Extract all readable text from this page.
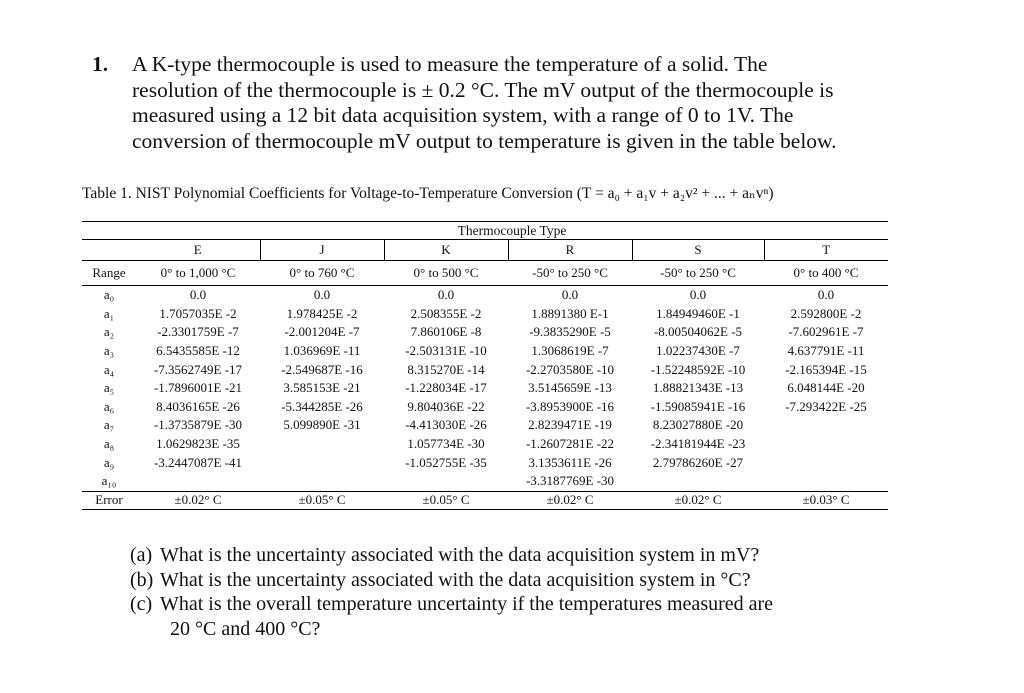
1. A K-type thermocouple is used to measure the temperature of a solid. The
resolution of the thermocouple is ± 0.2 °C. The mV output of the thermocouple is
measured using a 12 bit data acquisition system, with a range of 0 to 1V. The
conversion of thermocouple mV output to temperature is given in the table below.
Table 1. NIST Polynomial Coefficients for Voltage-to-Temperature Conversion (T = a₀ + a₁v + a₂v² + ... + aₙvⁿ)
	Thermocouple Type					
	E	J	K	R	S	T
Range	0° to 1,000 °C	0° to 760 °C	0° to 500 °C	-50° to 250 °C	-50° to 250 °C	0° to 400 °C
a₀	0.0	0.0	0.0	0.0	0.0	0.0
a₁	1.7057035E -2	1.978425E -2	2.508355E -2	1.8891380 E-1	1.84949460E -1	2.592800E -2
a₂	-2.3301759E -7	-2.001204E -7	7.860106E -8	-9.3835290E -5	-8.00504062E -5	-7.602961E -7
a₃	6.5435585E -12	1.036969E -11	-2.503131E -10	1.3068619E -7	1.02237430E -7	4.637791E -11
a₄	-7.3562749E -17	-2.549687E -16	8.315270E -14	-2.2703580E -10	-1.52248592E -10	-2.165394E -15
a₅	-1.7896001E -21	3.585153E -21	-1.228034E -17	3.5145659E -13	1.88821343E -13	6.048144E -20
a₆	8.4036165E -26	-5.344285E -26	9.804036E -22	-3.8953900E -16	-1.59085941E -16	-7.293422E -25
a₇	-1.3735879E -30	5.099890E -31	-4.413030E -26	2.8239471E -19	8.23027880E -20	
a₈	1.0629823E -35		1.057734E -30	-1.2607281E -22	-2.34181944E -23	
a₉	-3.2447087E -41		-1.052755E -35	3.1353611E -26	2.79786260E -27	
a₁₀				-3.3187769E -30		
Error	±0.02° C	±0.05° C	±0.05° C	±0.02° C	±0.02° C	±0.03° C
(a) What is the uncertainty associated with the data acquisition system in mV?
(b) What is the uncertainty associated with the data acquisition system in °C?
(c) What is the overall temperature uncertainty if the temperatures measured are
20 °C and 400 °C?
